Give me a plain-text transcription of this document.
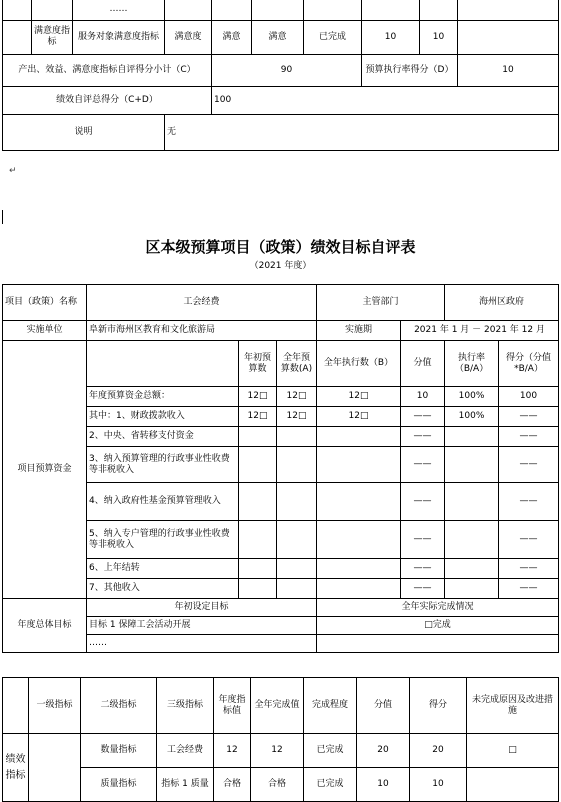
		……							
	满意度指标	服务对象满意度指标	满意度	满意	满意	已完成	10	10	
产出、效益、满意度指标自评得分小计（C）				90			预算执行率得分（D）		10
绩效自评总得分（C+D）				100					
说明			无						
↵
区本级预算项目（政策）绩效目标自评表
（2021 年度）
项目（政策）名称	工会经费			主管部门		海州区政府	
实施单位	阜新市海州区教育和文化旅游局			实施期	2021 年 1 月 － 2021 年 12 月		
项目预算资金		年初预算数	全年预算数(A)	全年执行数（B）	分值	执行率（B/A）	得分（分值*B/A）
	年度预算资金总额：	12□	12□	12□	10	100%	100
	其中：1、财政拨款收入	12□	12□	12□	——	100%	——
	2、中央、省转移支付资金				——		——
	3、纳入预算管理的行政事业性收费等非税收入				——		——
	4、纳入政府性基金预算管理收入				——		——
	5、纳入专户管理的行政事业性收费等非税收入				——		——
	6、上年结转				——		——
	7、其他收入				——		——
年度总体目标	年初设定目标			全年实际完成情况			
	目标 1 保障工会活动开展			□完成			
	……						
	一级指标	二级指标	三级指标	年度指标值	全年完成值	完成程度	分值	得分	未完成原因及改进措施
绩效指标		数量指标	工会经费	12	12	已完成	20	20	□
		质量指标	指标 1 质量	合格	合格	已完成	10	10	
